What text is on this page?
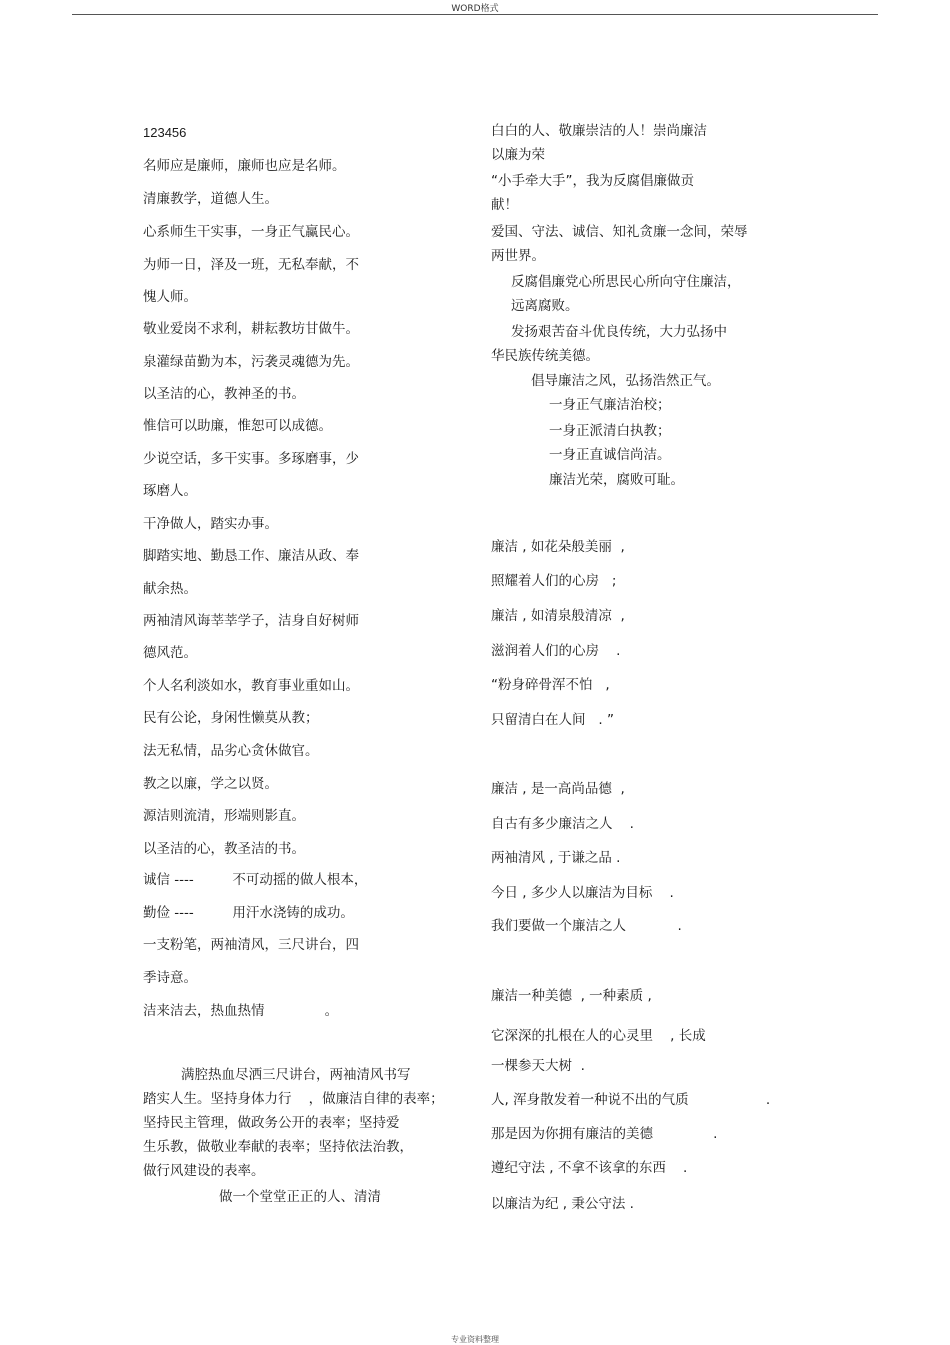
WORD格式
123456
名师应是廉师，廉师也应是名师。
清廉教学，道德人生。
心系师生干实事，一身正气赢民心。
为师一日，泽及一班，无私奉献，不
愧人师。
敬业爱岗不求利，耕耘教坊甘做牛。
泉灌绿苗勤为本，污袭灵魂德为先。
以圣洁的心，教神圣的书。
惟信可以助廉，惟恕可以成德。
少说空话，多干实事。多琢磨事，少
琢磨人。
干净做人，踏实办事。
脚踏实地、勤恳工作、廉洁从政、奉
献余热。
两袖清风诲莘莘学子，洁身自好树师
德风范。
个人名利淡如水，教育事业重如山。
民有公论，身闲性懒莫从教；
法无私情，品劣心贪休做官。
教之以廉，学之以贤。
源洁则流清，形端则影直。
以圣洁的心，教圣洁的书。
诚信 ----         不可动摇的做人根本，
勤俭 ----         用汗水浇铸的成功。
一支粉笔，两袖清风，三尺讲台，四
季诗意。
洁来洁去，热血热情              。
满腔热血尽洒三尺讲台，两袖清风书写
踏实人生。坚持身体力行    ，做廉洁自律的表率；
坚持民主管理，做政务公开的表率；坚持爱
生乐教，做敬业奉献的表率；坚持依法治教，
做行风建设的表率。
做一个堂堂正正的人、清清
白白的人、敬廉崇洁的人！崇尚廉洁
以廉为荣
“小手牵大手”，我为反腐倡廉做贡
献！
爱国、守法、诚信、知礼贪廉一念间，荣辱
两世界。
反腐倡廉党心所思民心所向守住廉洁，
远离腐败。
发扬艰苦奋斗优良传统，大力弘扬中
华民族传统美德。
倡导廉洁之风，弘扬浩然正气。
一身正气廉洁治校；
一身正派清白执教；
一身正直诚信尚洁。
廉洁光荣，腐败可耻。
廉洁 , 如花朵般美丽  ,
照耀着人们的心房   ;
廉洁 , 如清泉般清凉  ,
滋润着人们的心房    .
“粉身碎骨浑不怕   ,
只留清白在人间   . ”
廉洁 , 是一高尚品德  ,
自古有多少廉洁之人    .
两袖清风 , 于谦之品 .
今日 , 多少人以廉洁为目标    .
我们要做一个廉洁之人            .
廉洁一种美德  , 一种素质 ,
它深深的扎根在人的心灵里    , 长成
一棵参天大树  .
人, 浑身散发着一种说不出的气质                  .
那是因为你拥有廉洁的美德              .
遵纪守法 , 不拿不该拿的东西    .
以廉洁为纪 , 秉公守法 .
专业资料整理
